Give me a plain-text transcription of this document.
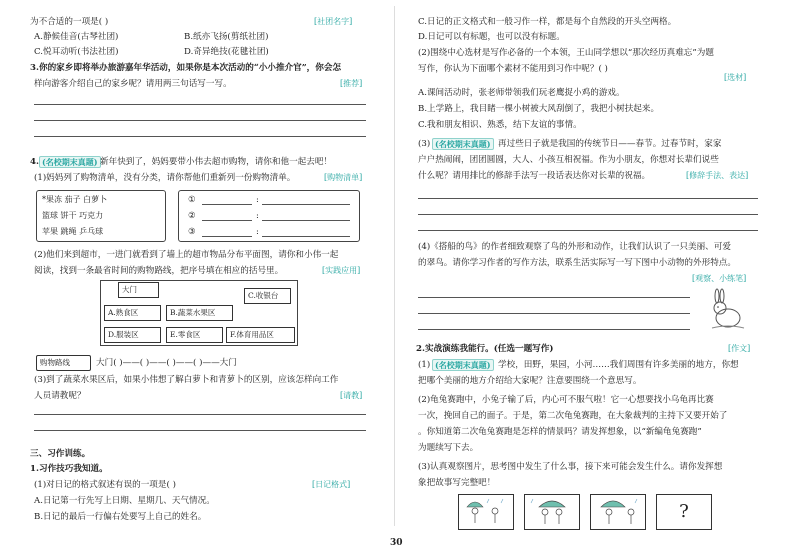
为不合适的一项是( )	[社团名字]
A.静候佳音(古琴社团)	B.纸亦飞扬(剪纸社团)
C.悦耳动听(书法社团)	D.奇异绝技(花毽社团)
3.你的家乡即将举办旅游嘉年华活动，如果你是本次活动的“小小推介官”，你会怎
样向游客介绍自己的家乡呢？请用两三句话写一写。	[推荐]
4. (名校期末真题) 新年快到了，妈妈要带小伟去超市购物，请你和他一起去吧！
(1)妈妈列了购物清单，没有分类，请你帮他们重新列一份购物清单。	[购物清单]
*果冻 茄子 白萝卜
篮球 饼干 巧克力
苹果 跳绳 乒乓球
①	:
②	:
③	:
(2)他们来到超市，一进门就看到了墙上的超市物品分布平面图，请你和小伟一起
阅读，找到一条最省时间的购物路线，把序号填在相应的括号里。	[实践应用]
大门
C.收银台
A.熟食区	B.蔬菜水果区
D.服装区	E.零食区	F.体育用品区
购物路线	大门( )——( )——( )——( )——大门
(3)到了蔬菜水果区后，如果小伟想了解白萝卜和青萝卜的区别，应该怎样向工作
人员请教呢？	[请教]
三、习作训练。
1.习作技巧我知道。
(1)对日记的格式叙述有误的一项是( )	[日记格式]
A.日记第一行先写上日期、星期几、天气情况。
B.日记的最后一行偏右处要写上自己的姓名。
C.日记的正文格式和一般习作一样，都是每个自然段的开头空两格。
D.日记可以有标题，也可以没有标题。
(2)围绕中心选材是写作必备的一个本领，王山同学想以“那次经历真难忘”为题
写作，你认为下面哪个素材不能用到习作中呢？( )
[选材]
A.课间活动时，张老师带领我们玩老鹰捉小鸡的游戏。
B.上学路上，我目睹一棵小树被大风刮倒了，我把小树扶起来。
C.我和朋友相识、熟悉，结下友谊的事情。
(3) (名校期末真题) 再过些日子就是我国的传统节日——春节。过春节时，家家
户户热闹闹，团团圆圆，大人、小孩互相祝福。作为小朋友，你想对长辈们说些
什么呢？请用排比的修辞手法写一段话表达你对长辈的祝福。	[修辞手法、表达]
(4)《搭船的鸟》的作者细致观察了鸟的外形和动作，让我们认识了一只美丽、可爱
的翠鸟。请你学习作者的写作方法，联系生活实际写一写下图中小动物的外形特点。
[观察、小练笔]
2.实战演练我能行。(任选一题写作)	[作文]
(1) (名校期末真题) 学校，田野，果园，小河……我们周围有许多美丽的地方，你想
把哪个美丽的地方介绍给大家呢？注意要围绕一个意思写。
(2)龟兔赛跑中，小兔子输了后，内心可不服气啦！它一心想要找小乌龟再比赛
一次，挽回自己的面子。于是，第二次龟兔赛跑，在大象裁判的主持下又要开始了
。你知道第二次龟兔赛跑是怎样的情景吗？请发挥想象，以“新编龟兔赛跑”
为题续写下去。
(3)认真观察图片，思考图中发生了什么事，接下来可能会发生什么。请你发挥想
象把故事写完整吧！
?
30
